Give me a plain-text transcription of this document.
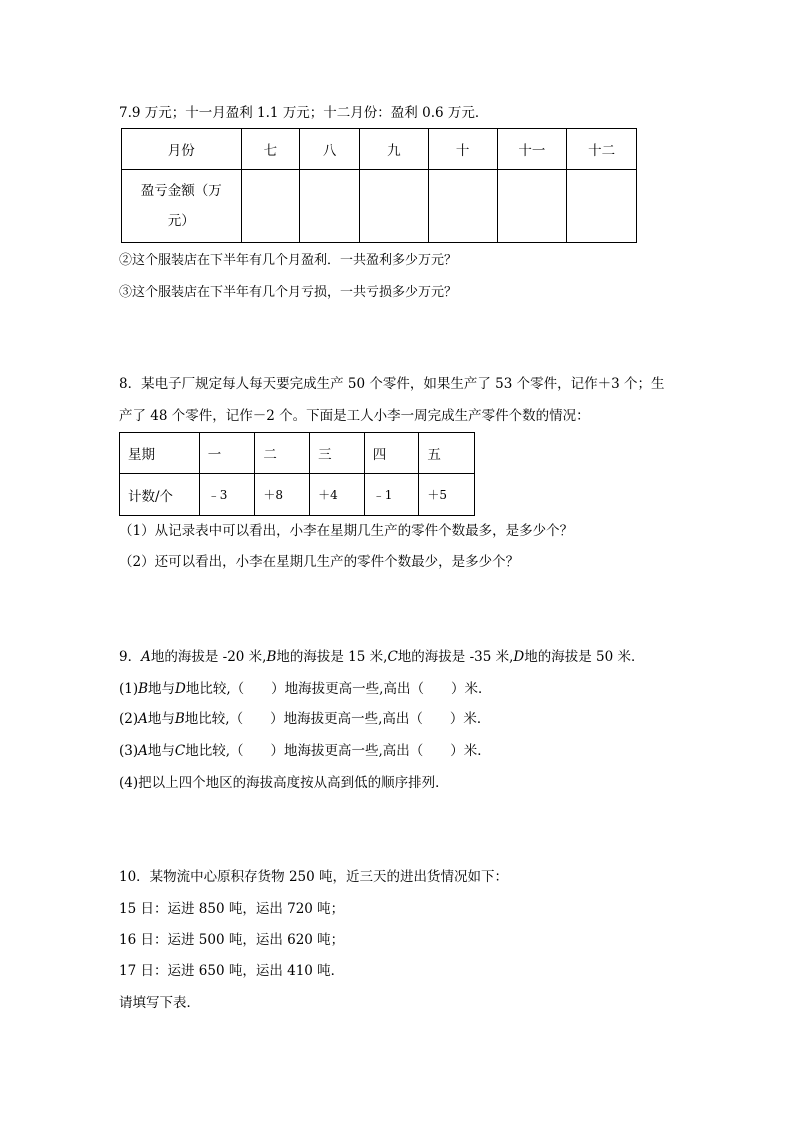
7.9 万元；十一月盈利 1.1 万元；十二月份：盈利 0.6 万元．
月份	七	八	九	十	十一	十二

盈亏金额（万
元）						

②这个服装店在下半年有几个月盈利．一共盈利多少万元？
③这个服装店在下半年有几个月亏损，一共亏损多少万元？
8．某电子厂规定每人每天要完成生产 50 个零件，如果生产了 53 个零件，记作＋3 个；生
产了 48 个零件，记作－2 个。下面是工人小李一周完成生产零件个数的情况：
星期	一	二	三	四	五
计数/个	﹣3	＋8	＋4	﹣1	＋5
（1）从记录表中可以看出，小李在星期几生产的零件个数最多，是多少个？
（2）还可以看出，小李在星期几生产的零件个数最少，是多少个？
9．A地的海拔是 -20 米,B地的海拔是 15 米,C地的海拔是 -35 米,D地的海拔是 50 米．
(1)B地与D地比较,（　　）地海拔更高一些,高出（　　）米．
(2)A地与B地比较,（　　）地海拔更高一些,高出（　　）米．
(3)A地与C地比较,（　　）地海拔更高一些,高出（　　）米．
(4)把以上四个地区的海拔高度按从高到低的顺序排列．
10．某物流中心原积存货物 250 吨，近三天的进出货情况如下：
15 日：运进 850 吨，运出 720 吨；
16 日：运进 500 吨，运出 620 吨；
17 日：运进 650 吨，运出 410 吨．
请填写下表．
